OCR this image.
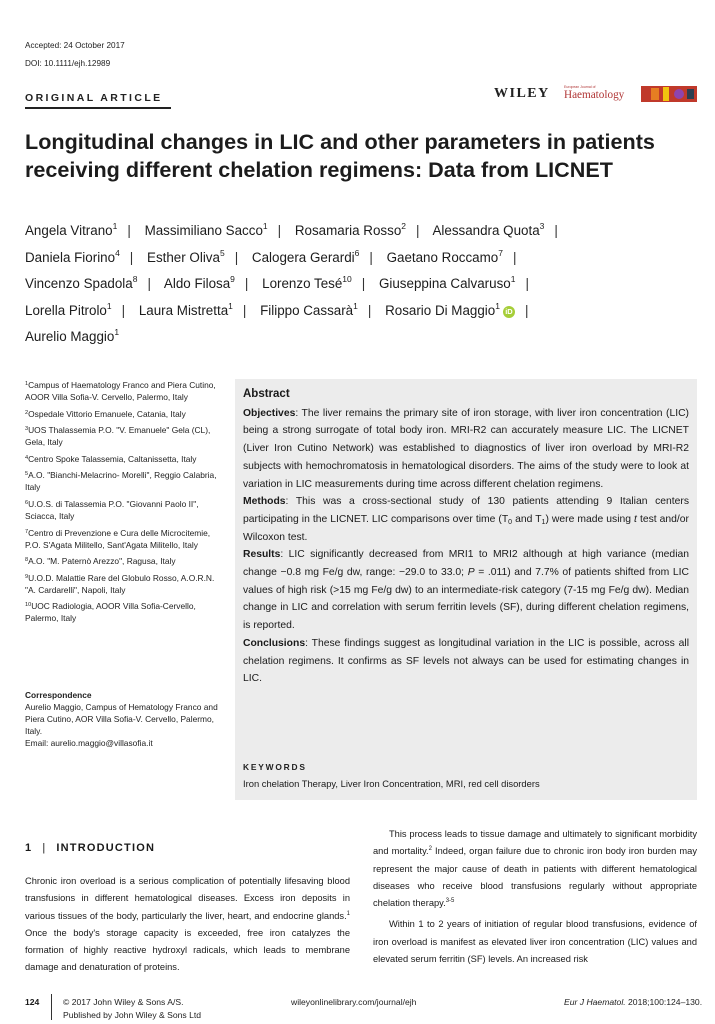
Accepted: 24 October 2017
DOI: 10.1111/ejh.12989
ORIGINAL ARTICLE	WILEY	European Journal of
Haematology
Longitudinal changes in LIC and other parameters in patients receiving different chelation regimens: Data from LICNET
Angela Vitrano$^1$ | Massimiliano Sacco$^1$ | Rosamaria Rosso$^2$ | Alessandra Quota$^3$ |
Daniela Fiorino$^4$ | Esther Oliva$^5$ | Calogera Gerardi$^6$ | Gaetano Roccamo$^7$ |
Vincenzo Spadola$^8$ | Aldo Filosa$^9$ | Lorenzo Tesé$^{10}$ | Giuseppina Calvaruso$^1$ |
Lorella Pitrolo$^1$ | Laura Mistretta$^1$ | Filippo Cassarà$^1$ | Rosario Di Maggio$^1$iD |
Aurelio Maggio$^1$

$^1$Campus of Haematology Franco and Piera Cutino, AOOR Villa Sofia-V. Cervello, Palermo, Italy

$^2$Ospedale Vittorio Emanuele, Catania, Italy

$^3$UOS Thalassemia P.O. "V. Emanuele" Gela (CL), Gela, Italy

$^4$Centro Spoke Talassemia, Caltanissetta, Italy

$^5$A.O. "Bianchi-Melacrino- Morelli", Reggio Calabria, Italy

$^6$U.O.S. di Talassemia P.O. "Giovanni Paolo II", Sciacca, Italy

$^7$Centro di Prevenzione e Cura delle Microcitemie, P.O. S'Agata Militello, Sant'Agata Militello, Italy

$^8$A.O. "M. Paternò Arezzo", Ragusa, Italy

$^9$U.O.D. Malattie Rare del Globulo Rosso, A.O.R.N. "A. Cardarelli", Napoli, Italy

$^{10}$UOC Radiologia, AOOR Villa Sofia-Cervello, Palermo, Italy

Correspondence
Aurelio Maggio, Campus of Hematology Franco and Piera Cutino, AOR Villa Sofia-V. Cervello, Palermo, Italy.
Email: aurelio.maggio@villasofia.it
Abstract

Objectives: The liver remains the primary site of iron storage, with liver iron concentration (LIC) being a strong surrogate of total body iron. MRI-R2 can accurately measure LIC. The LICNET (Liver Iron Cutino Network) was established to diagnostics of liver iron overload by MRI-R2 subjects with hemochromatosis in hematological disorders. The aims of the study were to look at variation in LIC measurements during time across different chelation regimens.

Methods: This was a cross-sectional study of 130 patients attending 9 Italian centers participating in the LICNET. LIC comparisons over time ($T_0$ and $T_1$) were made using t test and/or Wilcoxon test.

Results: LIC significantly decreased from MRI1 to MRI2 although at high variance (median change −0.8 mg Fe/g dw, range: −29.0 to 33.0; P = .011) and 7.7% of patients shifted from LIC values of high risk (>15 mg Fe/g dw) to an intermediate-risk category (7-15 mg Fe/g dw). Median change in LIC and correlation with serum ferritin levels (SF), during different chelation regimens, is reported.

Conclusions: These findings suggest as longitudinal variation in the LIC is possible, across all chelation regimens. It confirms as SF levels not always can be used for estimating changes in LIC.

KEYWORDS
Iron chelation Therapy, Liver Iron Concentration, MRI, red cell disorders
1 | INTRODUCTION

Chronic iron overload is a serious complication of potentially lifesaving blood transfusions in different hematological diseases. Excess iron deposits in various tissues of the body, particularly the liver, heart, and endocrine glands.$^1$ Once the body's storage capacity is exceeded, free iron catalyzes the formation of highly reactive hydroxyl radicals, which leads to membrane damage and denaturation of proteins.

This process leads to tissue damage and ultimately to significant morbidity and mortality.$^2$ Indeed, organ failure due to chronic iron body iron burden may represent the major cause of death in patients with different hematological diseases who receive blood transfusions regularly without appropriate chelation therapy.$^{3-5}$

Within 1 to 2 years of initiation of regular blood transfusions, evidence of iron overload is manifest as elevated liver iron concentration (LIC) values and elevated serum ferritin (SF) levels. An increased risk

124	© 2017 John Wiley & Sons A/S.
Published by John Wiley & Sons Ltd
wileyonlinelibrary.com/journal/ejh	Eur J Haematol. 2018;100:124–130.
